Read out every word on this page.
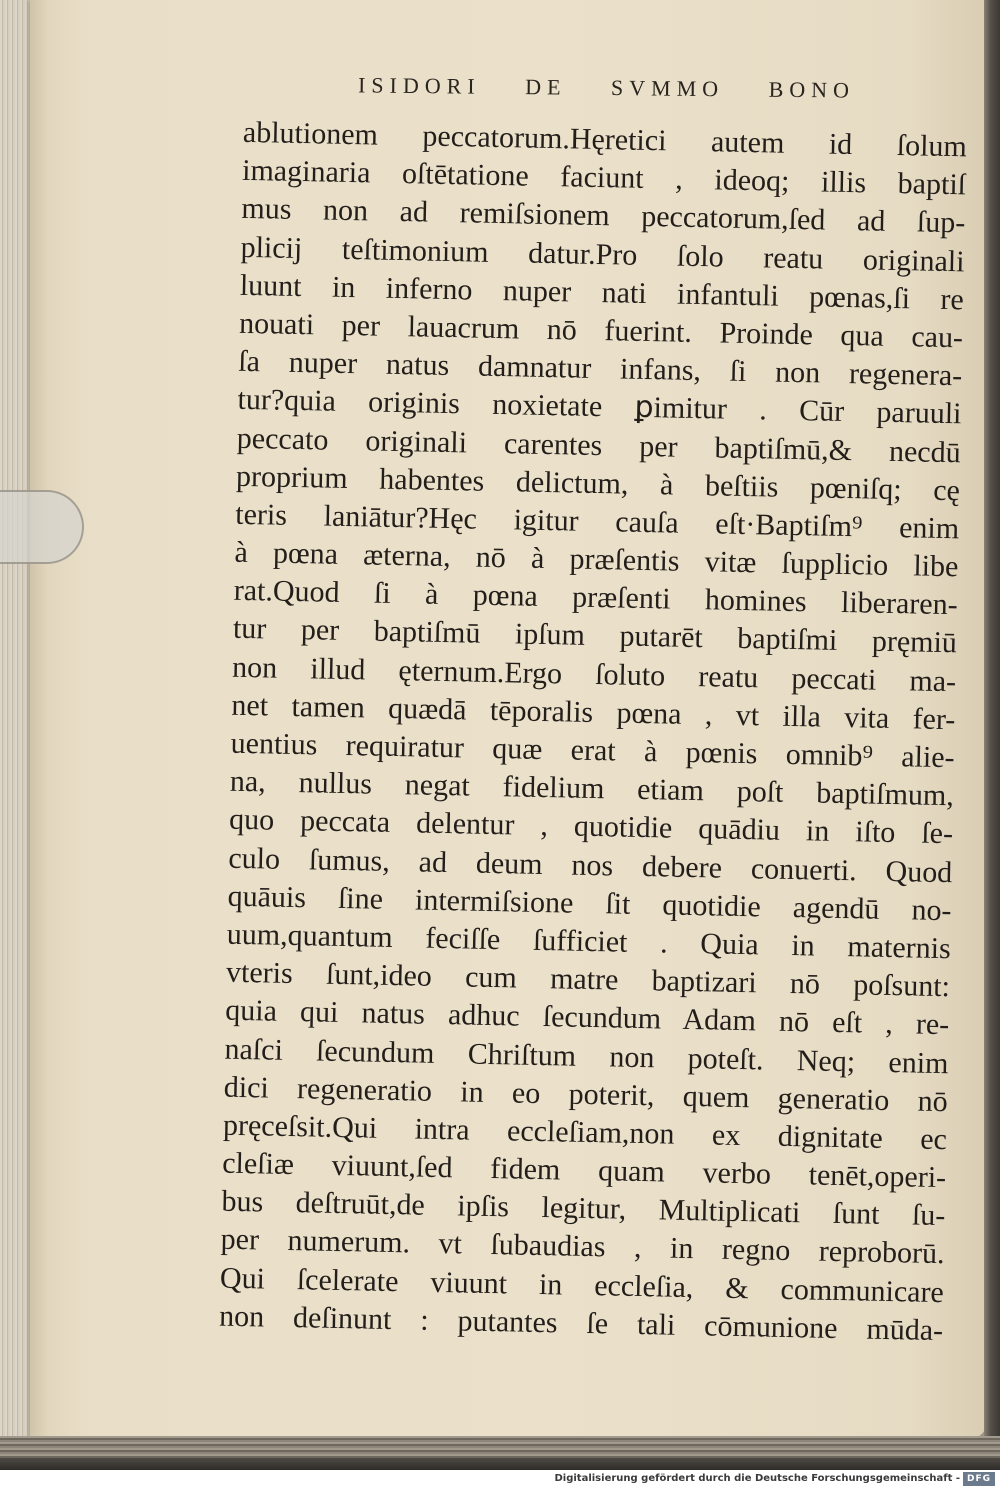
ISIDORI DE SVMMO BONO
ablutionem peccatorum.Hęretici autem id ſolum
imaginaria oſtētatione faciunt , ideoq; illis baptiſ
mus non ad remiſsionem peccatorum,ſed ad ſup-
plicij teſtimonium datur.Pro ſolo reatu originali
luunt in inferno nuper nati infantuli pœnas,ſi re
nouati per lauacrum nō fuerint. Proinde qua cau-
ſa nuper natus damnatur infans, ſi non regenera-
tur?quia originis noxietate ꝑimitur . Cūr paruuli
peccato originali carentes per baptiſmū,& necdū
proprium habentes delictum, à beſtiis pœniſq; cę
teris laniātur?Hęc igitur cauſa eſt·Baptiſm⁹ enim
à pœna æterna, nō à præſentis vitæ ſupplicio libe
rat.Quod ſi à pœna præſenti homines liberaren-
tur per baptiſmū ipſum putarēt baptiſmi pręmiū
non illud ęternum.Ergo ſoluto reatu peccati ma-
net tamen quædā tēporalis pœna , vt illa vita fer-
uentius requiratur quæ erat à pœnis omnib⁹ alie-
na, nullus negat fidelium etiam poſt baptiſmum,
quo peccata delentur , quotidie quādiu in iſto ſe-
culo ſumus, ad deum nos debere conuerti. Quod
quāuis ſine intermiſsione ſit quotidie agendū no-
uum,quantum feciſſe ſufficiet . Quia in maternis
vteris ſunt,ideo cum matre baptizari nō poſsunt:
quia qui natus adhuc ſecundum Adam nō eſt , re-
naſci ſecundum Chriſtum non poteſt. Neq; enim
dici regeneratio in eo poterit, quem generatio nō
pręceſsit.Qui intra eccleſiam,non ex dignitate ec
cleſiæ viuunt,ſed fidem quam verbo tenēt,operi-
bus deſtruūt,de ipſis legitur, Multiplicati ſunt ſu-
per numerum. vt ſubaudias , in regno reproborū.
Qui ſcelerate viuunt in eccleſia, & communicare
non deſinunt : putantes ſe tali cōmunione mūda-
Digitalisierung gefördert durch die Deutsche Forschungsgemeinschaft - DFG
